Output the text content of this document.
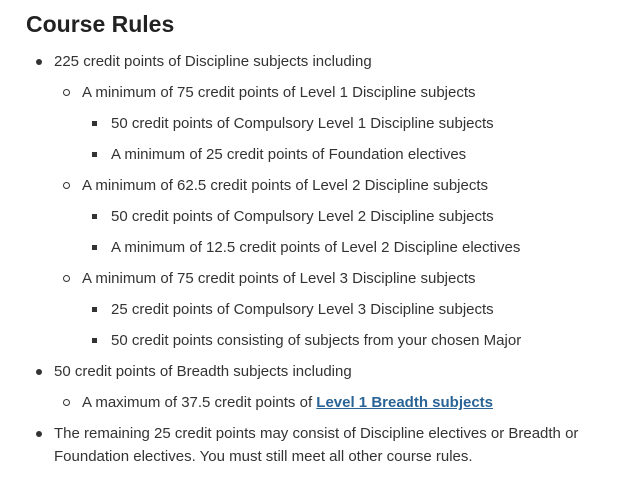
Course Rules
225 credit points of Discipline subjects including
A minimum of 75 credit points of Level 1 Discipline subjects
50 credit points of Compulsory Level 1 Discipline subjects
A minimum of 25 credit points of Foundation electives
A minimum of 62.5 credit points of Level 2 Discipline subjects
50 credit points of Compulsory Level 2 Discipline subjects
A minimum of 12.5 credit points of Level 2 Discipline electives
A minimum of 75 credit points of Level 3 Discipline subjects
25 credit points of Compulsory Level 3 Discipline subjects
50 credit points consisting of subjects from your chosen Major
50 credit points of Breadth subjects including
A maximum of 37.5 credit points of Level 1 Breadth subjects
The remaining 25 credit points may consist of Discipline electives or Breadth or Foundation electives. You must still meet all other course rules.
